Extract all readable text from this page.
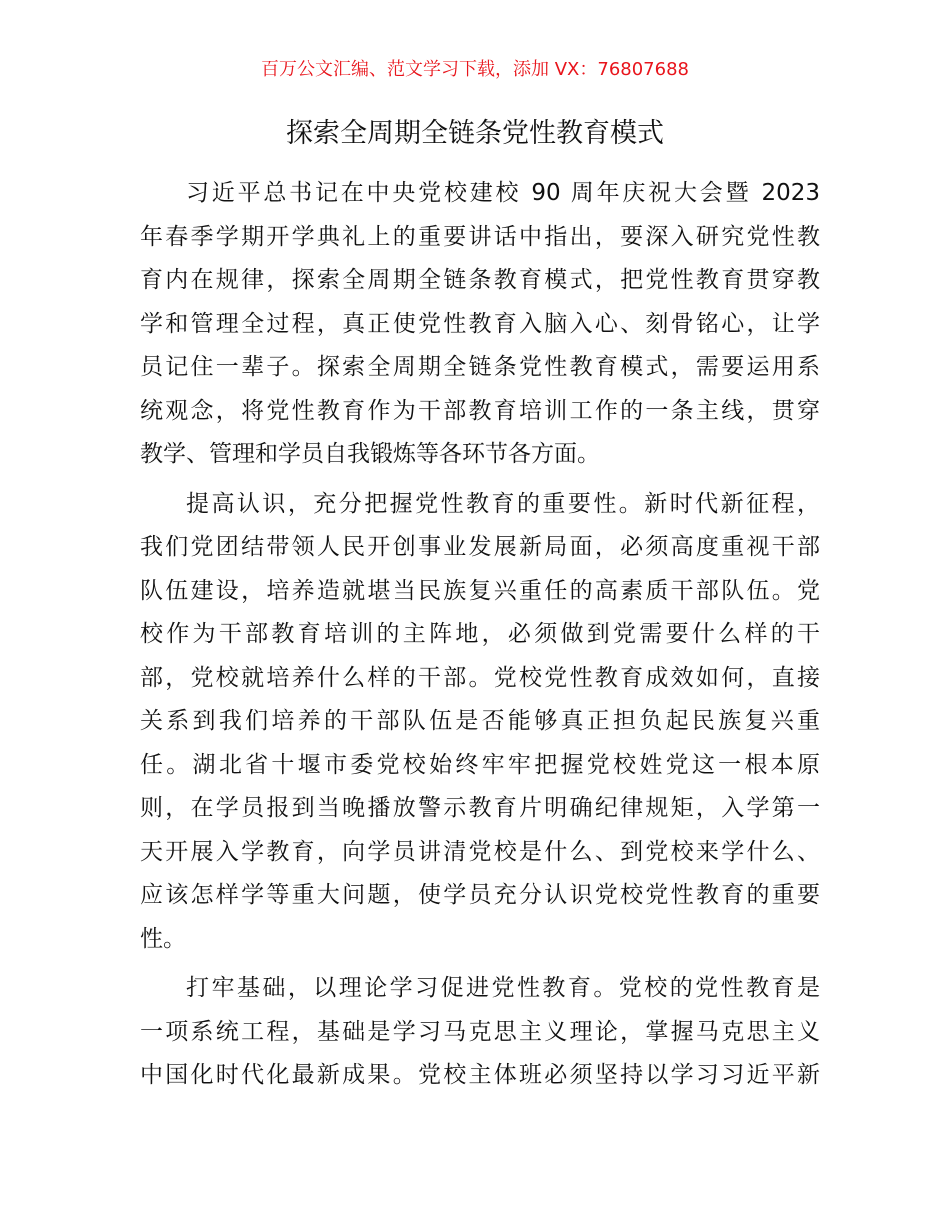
百万公文汇编、范文学习下载，添加 VX：76807688
探索全周期全链条党性教育模式
习近平总书记在中央党校建校 90 周年庆祝大会暨 2023
年春季学期开学典礼上的重要讲话中指出，要深入研究党性教
育内在规律，探索全周期全链条教育模式，把党性教育贯穿教
学和管理全过程，真正使党性教育入脑入心、刻骨铭心，让学
员记住一辈子。探索全周期全链条党性教育模式，需要运用系
统观念，将党性教育作为干部教育培训工作的一条主线，贯穿
教学、管理和学员自我锻炼等各环节各方面。
提高认识，充分把握党性教育的重要性。新时代新征程，
我们党团结带领人民开创事业发展新局面，必须高度重视干部
队伍建设，培养造就堪当民族复兴重任的高素质干部队伍。党
校作为干部教育培训的主阵地，必须做到党需要什么样的干
部，党校就培养什么样的干部。党校党性教育成效如何，直接
关系到我们培养的干部队伍是否能够真正担负起民族复兴重
任。湖北省十堰市委党校始终牢牢把握党校姓党这一根本原
则，在学员报到当晚播放警示教育片明确纪律规矩，入学第一
天开展入学教育，向学员讲清党校是什么、到党校来学什么、
应该怎样学等重大问题，使学员充分认识党校党性教育的重要
性。
打牢基础，以理论学习促进党性教育。党校的党性教育是
一项系统工程，基础是学习马克思主义理论，掌握马克思主义
中国化时代化最新成果。党校主体班必须坚持以学习习近平新
